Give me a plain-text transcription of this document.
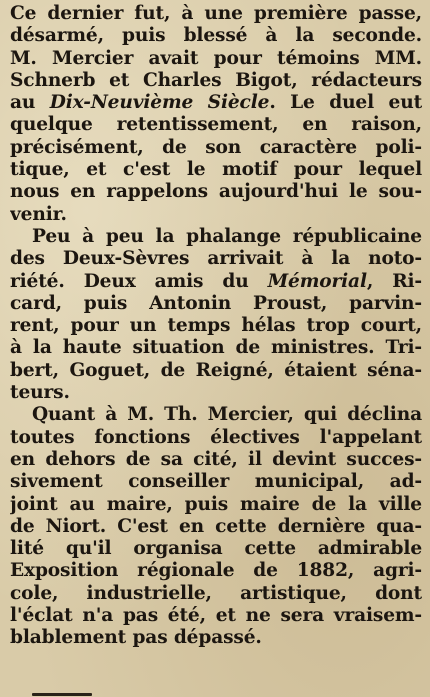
Ce dernier fut, à une première passe,
désarmé, puis blessé à la seconde.
M. Mercier avait pour témoins MM.
Schnerb et Charles Bigot, rédacteurs
au Dix-Neuvième Siècle. Le duel eut
quelque retentissement, en raison,
précisément, de son caractère poli-
tique, et c'est le motif pour lequel
nous en rappelons aujourd'hui le sou-
venir.
Peu à peu la phalange républicaine
des Deux-Sèvres arrivait à la noto-
riété. Deux amis du Mémorial, Ri-
card, puis Antonin Proust, parvin-
rent, pour un temps hélas trop court,
à la haute situation de ministres. Tri-
bert, Goguet, de Reigné, étaient séna-
teurs.
Quant à M. Th. Mercier, qui déclina
toutes fonctions électives l'appelant
en dehors de sa cité, il devint succes-
sivement conseiller municipal, ad-
joint au maire, puis maire de la ville
de Niort. C'est en cette dernière qua-
lité qu'il organisa cette admirable
Exposition régionale de 1882, agri-
cole, industrielle, artistique, dont
l'éclat n'a pas été, et ne sera vraisem-
blablement pas dépassé.
